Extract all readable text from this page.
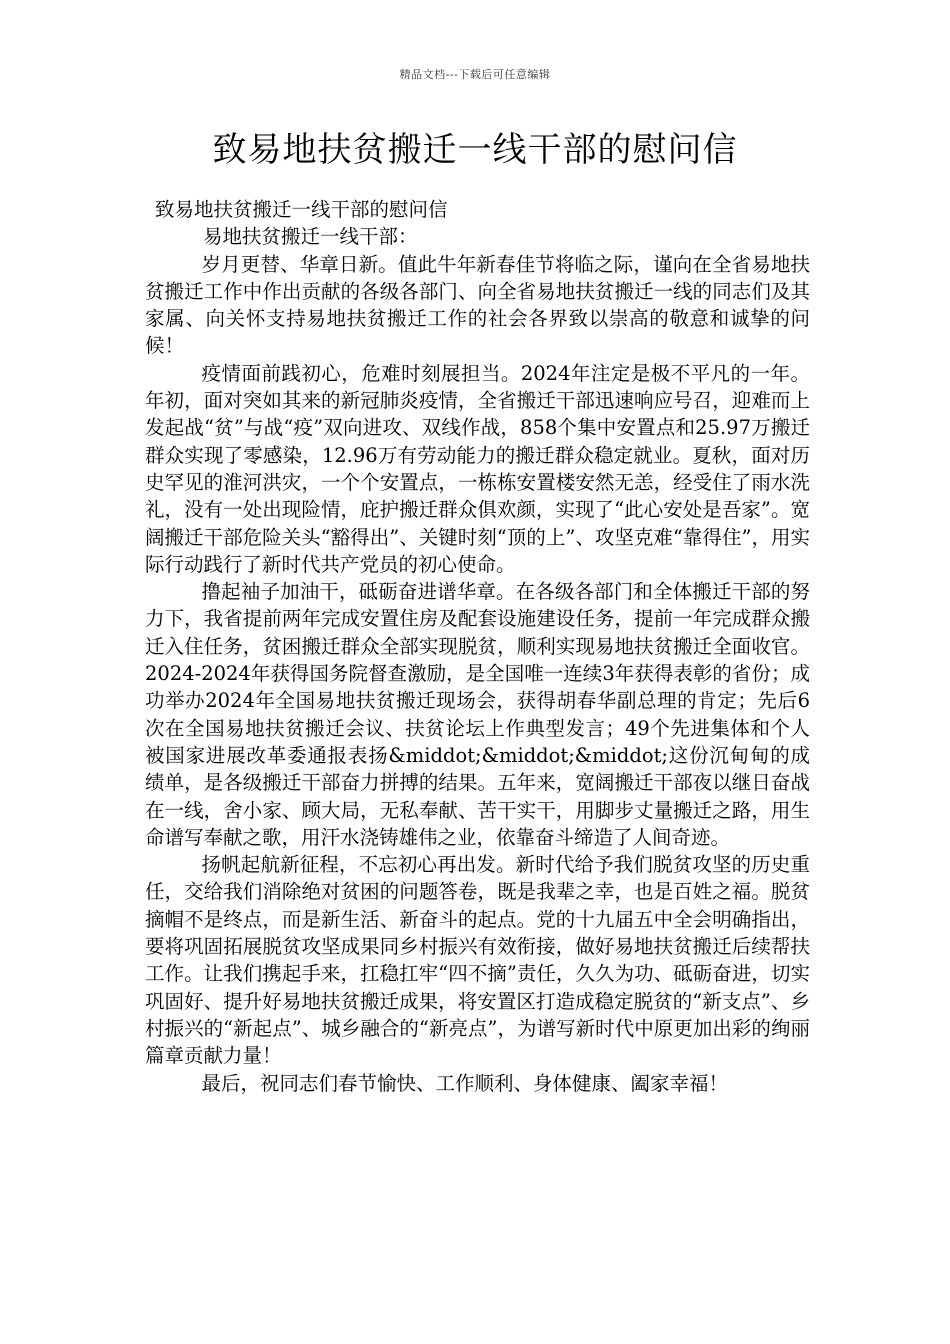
精品文档---下载后可任意编辑
致易地扶贫搬迁一线干部的慰问信

致易地扶贫搬迁一线干部的慰问信

易地扶贫搬迁一线干部：

岁月更替、华章日新。值此牛年新春佳节将临之际，谨向在全省易地扶贫搬迁工作中作出贡献的各级各部门、向全省易地扶贫搬迁一线的同志们及其家属、向关怀支持易地扶贫搬迁工作的社会各界致以崇高的敬意和诚挚的问候！

疫情面前践初心，危难时刻展担当。2024年注定是极不平凡的一年。年初，面对突如其来的新冠肺炎疫情，全省搬迁干部迅速响应号召，迎难而上发起战“贫”与战“疫”双向进攻、双线作战，858个集中安置点和25.97万搬迁群众实现了零感染，12.96万有劳动能力的搬迁群众稳定就业。夏秋，面对历史罕见的淮河洪灾，一个个安置点，一栋栋安置楼安然无恙，经受住了雨水洗礼，没有一处出现险情，庇护搬迁群众俱欢颜，实现了“此心安处是吾家”。宽阔搬迁干部危险关头“豁得出”、关键时刻“顶的上”、攻坚克难“靠得住”，用实际行动践行了新时代共产党员的初心使命。

撸起袖子加油干，砥砺奋进谱华章。在各级各部门和全体搬迁干部的努力下，我省提前两年完成安置住房及配套设施建设任务，提前一年完成群众搬迁入住任务，贫困搬迁群众全部实现脱贫，顺利实现易地扶贫搬迁全面收官。2024-2024年获得国务院督查激励，是全国唯一连续3年获得表彰的省份；成功举办2024年全国易地扶贫搬迁现场会，获得胡春华副总理的肯定；先后6次在全国易地扶贫搬迁会议、扶贫论坛上作典型发言；49个先进集体和个人被国家进展改革委通报表扬&middot;&middot;&middot;这份沉甸甸的成绩单，是各级搬迁干部奋力拼搏的结果。五年来，宽阔搬迁干部夜以继日奋战在一线，舍小家、顾大局，无私奉献、苦干实干，用脚步丈量搬迁之路，用生命谱写奉献之歌，用汗水浇铸雄伟之业，依靠奋斗缔造了人间奇迹。

扬帆起航新征程，不忘初心再出发。新时代给予我们脱贫攻坚的历史重任，交给我们消除绝对贫困的问题答卷，既是我辈之幸，也是百姓之福。脱贫摘帽不是终点，而是新生活、新奋斗的起点。党的十九届五中全会明确指出，要将巩固拓展脱贫攻坚成果同乡村振兴有效衔接，做好易地扶贫搬迁后续帮扶工作。让我们携起手来，扛稳扛牢“四不摘”责任，久久为功、砥砺奋进，切实巩固好、提升好易地扶贫搬迁成果，将安置区打造成稳定脱贫的“新支点”、乡村振兴的“新起点”、城乡融合的“新亮点”，为谱写新时代中原更加出彩的绚丽篇章贡献力量！

最后，祝同志们春节愉快、工作顺利、身体健康、阖家幸福！
